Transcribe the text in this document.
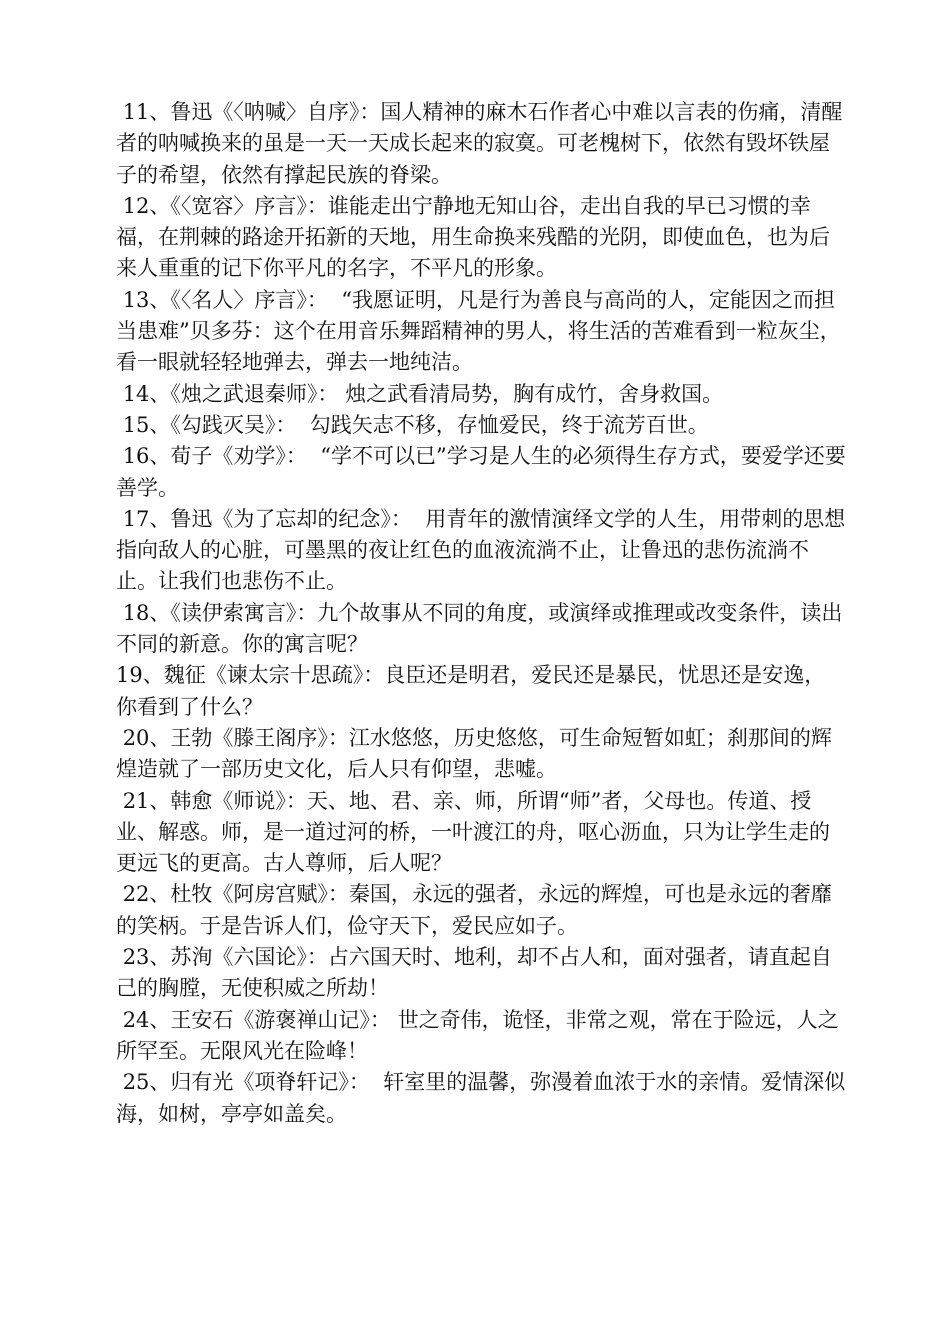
11、鲁迅《〈呐喊〉自序》：国人精神的麻木石作者心中难以言表的伤痛，清醒者的呐喊换来的虽是一天一天成长起来的寂寞。可老槐树下，依然有毁坏铁屋子的希望，依然有撑起民族的脊梁。

12、《〈宽容〉序言》：谁能走出宁静地无知山谷，走出自我的早已习惯的幸福，在荆棘的路途开拓新的天地，用生命换来残酷的光阴，即使血色，也为后来人重重的记下你平凡的名字，不平凡的形象。

13、《〈名人〉序言》：  “我愿证明，凡是行为善良与高尚的人，定能因之而担当患难”贝多芬：这个在用音乐舞蹈精神的男人，将生活的苦难看到一粒灰尘，看一眼就轻轻地弹去，弹去一地纯洁。

14、《烛之武退秦师》： 烛之武看清局势，胸有成竹，舍身救国。

15、《勾践灭吴》：  勾践矢志不移，存恤爱民，终于流芳百世。

16、荀子《劝学》：  “学不可以已”学习是人生的必须得生存方式，要爱学还要善学。

17、鲁迅《为了忘却的纪念》：  用青年的激情演绎文学的人生，用带刺的思想指向敌人的心脏，可墨黑的夜让红色的血液流淌不止，让鲁迅的悲伤流淌不止。让我们也悲伤不止。

18、《读伊索寓言》：九个故事从不同的角度，或演绎或推理或改变条件，读出不同的新意。你的寓言呢？

19、魏征《谏太宗十思疏》：良臣还是明君，爱民还是暴民，忧思还是安逸，你看到了什么？

20、王勃《滕王阁序》：江水悠悠，历史悠悠，可生命短暂如虹；刹那间的辉煌造就了一部历史文化，后人只有仰望，悲嘘。

21、韩愈《师说》：天、地、君、亲、师，所谓“师”者，父母也。传道、授业、解惑。师，是一道过河的桥，一叶渡江的舟，呕心沥血，只为让学生走的更远飞的更高。古人尊师，后人呢？

22、杜牧《阿房宫赋》：秦国，永远的强者，永远的辉煌，可也是永远的奢靡的笑柄。于是告诉人们，俭守天下，爱民应如子。

23、苏洵《六国论》：占六国天时、地利，却不占人和，面对强者，请直起自己的胸膛，无使积威之所劫！

24、王安石《游褒禅山记》： 世之奇伟，诡怪，非常之观，常在于险远，人之所罕至。无限风光在险峰！

25、归有光《项脊轩记》：  轩室里的温馨，弥漫着血浓于水的亲情。爱情深似海，如树，亭亭如盖矣。
